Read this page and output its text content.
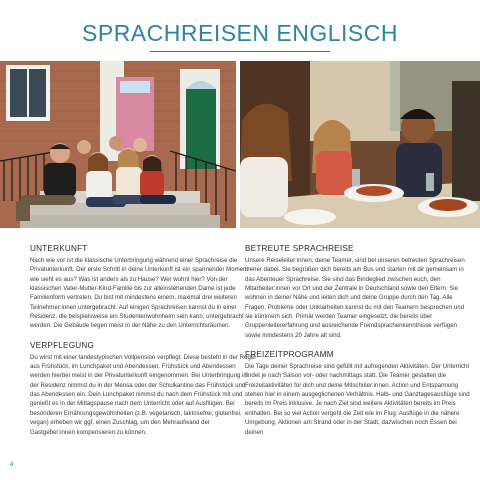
SPRACHREISEN ENGLISCH
UNTERKUNFT

Nach wie vor ist die klassische Unterbringung während einer Sprachreise die Privatunterkunft. Der erste Schritt in deine Unterkunft ist ein spannender Moment – wie sieht es aus? Was ist anders als zu Hause? Wer wohnt hier? Von der klassischen Vater-Mutter-Kind-Familie bis zur alleinstehenden Dame ist jede Familienform vertreten. Du bist mit mindestens einem, maximal drei weiteren Teilnehmer:innen untergebracht. Auf einigen Sprachreisen kannst du in einer Residenz, die beispielsweise ein Studentenwohnheim sein kann, untergebracht werden. Die Gebäude liegen meist in der Nähe zu den Unterrichtsräumen.

VERPFLEGUNG

Du wirst mit einer landestypischen Vollpension verpflegt. Diese besteht in der Regel aus Frühstück, im Lunchpaket und Abendessen. Frühstück und Abendessen werden hierbei meist in der Privatunterkunft eingenommen. Bei Unterbringung in der Residenz nimmst du in der Mensa oder der Schulkantine das Frühstück und das Abendessen ein. Dein Lunchpaket nimmst du nach dem Frühstück mit und genießt es in der Mittagspause nach dem Unterricht oder auf Ausflügen. Bei besonderen Ernährungsgewohnheiten (z.B. vegetarisch, laktosefrei, glutenfrei, vegan) erheben wir ggf. einen Zuschlag, um den Mehraufwand der Gastgeber:innen kompensieren zu können.

BETREUTE SPRACHREISE

Unsere Reiseleiter:innen, deine Teamer, sind bei unseren betreuten Sprachreisen immer dabei. Sie begrüßen dich bereits am Bus und starten mit dir gemeinsam in das Abenteuer Sprachreise. Sie sind das Bindeglied zwischen euch, den Mitarbeiter:innen vor Ort und der Zentrale in Deutschland sowie den Eltern. Sie wohnen in deiner Nähe und leiten dich und deine Gruppe durch den Tag. Alle Fragen, Probleme oder Unklarheiten kannst du mit den Teamern besprechen und sie kümmern sich. Primär werden Teamer eingesetzt, die bereits über Gruppenleitererfahrung und ausreichende Fremdsprachenkenntnisse verfügen sowie mindestens 20 Jahre alt sind.

FREIZEITPROGRAMM

Die Tage deiner Sprachreise sind gefüllt mit aufregenden Aktivitäten. Der Unterricht findet je nach Saison vor- oder nachmittags statt. Die Teamer gestalten die Freizeitaktivitäten für dich und deine Mitschüler:innen. Action und Entspannung stehen hier in einem ausgeglichenen Verhältnis. Halb- und Ganztagesausflüge sind bereits im Preis inklusive. Je nach Ziel sind weitere Aktivitäten bereits im Preis enthalten. Bei so viel Action vergeht die Zeit wie im Flug: Ausflüge in die nähere Umgebung, Aktionen am Strand oder in der Stadt, dazwischen noch Essen bei deinen

4
